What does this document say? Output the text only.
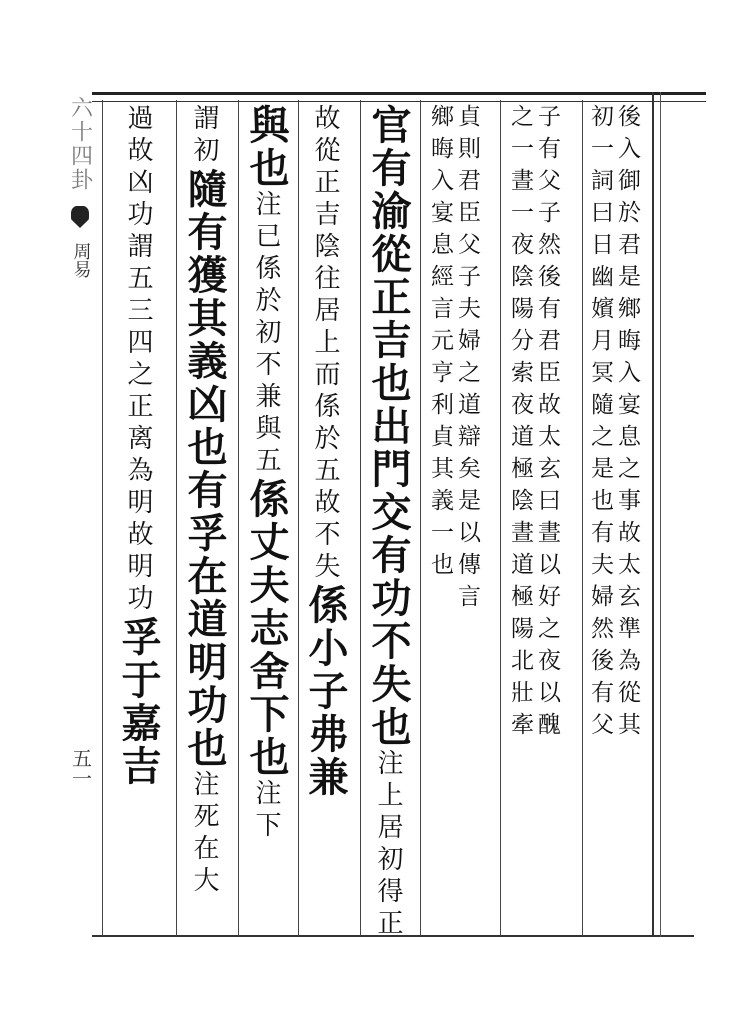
六十四卦
周易
五一
後入御於君是鄉晦入宴息之事故太玄準為從其
初一詞曰日幽嬪月冥隨之是也有夫婦然後有父
子有父子然後有君臣故太玄曰晝以好之夜以醜
之一晝一夜陰陽分索夜道極陰晝道極陽北壯牽
貞則君臣父子夫婦之道辯矣是以傳言
鄉晦入宴息經言元亨利貞其義一也
官有渝從正吉也出門交有功不失也注上居初得正
故從正吉陰往居上而係於五故不失係小子弗兼
與也注已係於初不兼與五係丈夫志舍下也注下
謂初隨有獲其義凶也有孚在道明功也注死在大
過故凶功謂五三四之正离為明故明功孚于嘉吉
